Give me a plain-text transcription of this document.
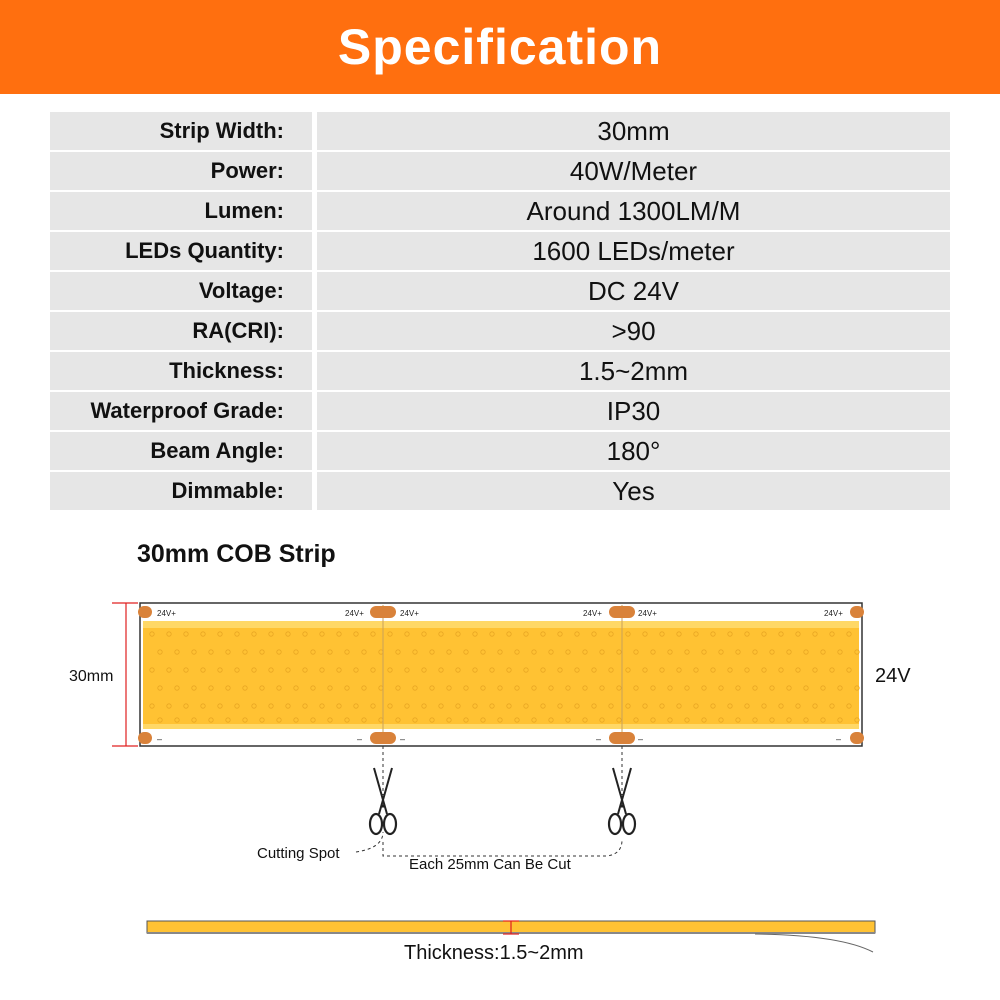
Specification
Strip Width:	30mm
Power:	40W/Meter
Lumen:	Around 1300LM/M
LEDs Quantity:	1600 LEDs/meter
Voltage:	DC 24V
RA(CRI):	>90
Thickness:	1.5~2mm
Waterproof Grade:	IP30
Beam Angle:	180°
Dimmable:	Yes
30mm COB Strip
24V+	24V+	24V+	24V+	24V+	24V+
–	–	–	–	–	–
30mm	24V
Cutting Spot
Each 25mm Can Be Cut
Thickness:1.5~2mm
